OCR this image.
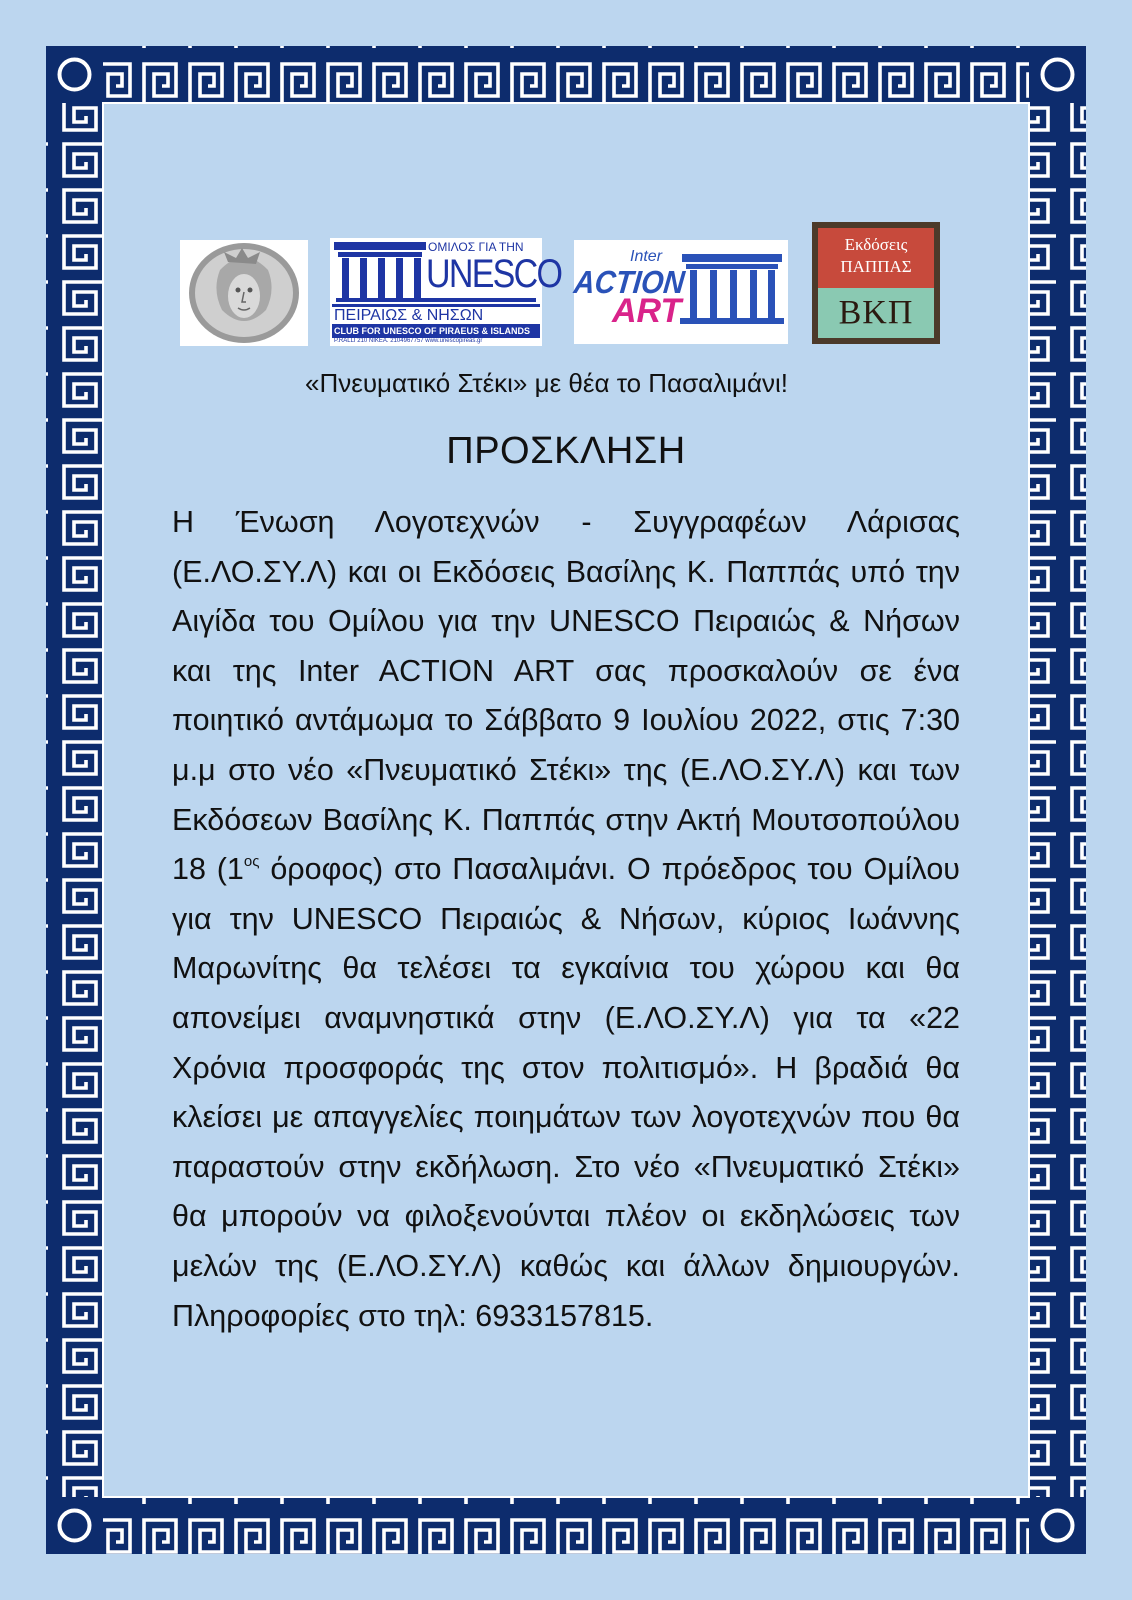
ΟΜΙΛΟΣ ΓΙΑ ΤΗΝ
UNESCO
ΠΕΙΡΑΙΩΣ & ΝΗΣΩΝ
CLUB FOR UNESCO OF PIRAEUS & ISLANDS
P.RALLI 210 NIKEA. 2104967757 www.unescopireas.gr
Inter
ACTION
ART
Εκδόσεις
ΠΑΠΠΑΣ
ΒΚΠ
«Πνευματικό Στέκι» με θέα το Πασαλιμάνι!
ΠΡΟΣΚΛΗΣΗ
Η Ένωση Λογοτεχνών - Συγγραφέων Λάρισας (Ε.ΛΟ.ΣΥ.Λ) και οι Εκδόσεις Βασίλης Κ. Παππάς υπό την Αιγίδα του Ομίλου για την UNESCO Πειραιώς & Νήσων και της Inter ACTION ART σας προσκαλούν σε ένα ποιητικό αντάμωμα το Σάββατο 9 Ιουλίου 2022, στις 7:30 μ.μ στο νέο «Πνευματικό Στέκι» της (Ε.ΛΟ.ΣΥ.Λ) και των Εκδόσεων Βασίλης Κ. Παππάς στην Ακτή Μουτσοπούλου 18 ($1^{o\varsigma}$ όροφος) στο Πασαλιμάνι. Ο πρόεδρος του Ομίλου για την UNESCO Πειραιώς & Νήσων, κύριος Ιωάννης Μαρωνίτης θα τελέσει τα εγκαίνια του χώρου και θα απονείμει αναμνηστικά στην (Ε.ΛΟ.ΣΥ.Λ) για τα «22 Χρόνια προσφοράς της στον πολιτισμό». Η βραδιά θα κλείσει με απαγγελίες ποιημάτων των λογοτεχνών που θα παραστούν στην εκδήλωση. Στο νέο «Πνευματικό Στέκι» θα μπορούν να φιλοξενούνται πλέον οι εκδηλώσεις των μελών της (Ε.ΛΟ.ΣΥ.Λ) καθώς και άλλων δημιουργών. Πληροφορίες στο τηλ: 6933157815.
